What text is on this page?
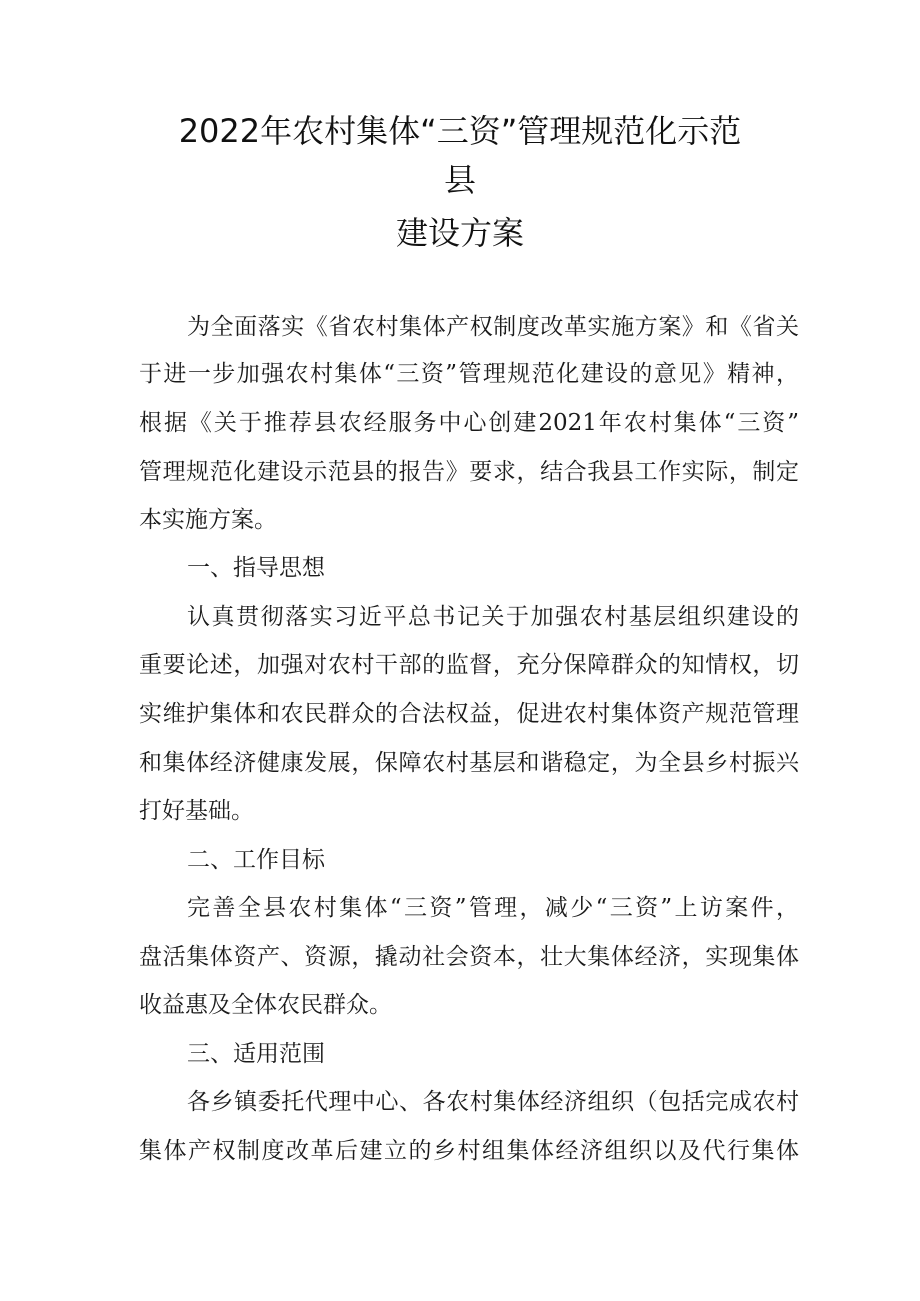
2022年农村集体“三资”管理规范化示范
县
建设方案
为全面落实《省农村集体产权制度改革实施方案》和《省关
于进一步加强农村集体“三资”管理规范化建设的意见》精神，
根据《关于推荐县农经服务中心创建2021年农村集体“三资”
管理规范化建设示范县的报告》要求，结合我县工作实际，制定
本实施方案。
一、指导思想
认真贯彻落实习近平总书记关于加强农村基层组织建设的
重要论述，加强对农村干部的监督，充分保障群众的知情权，切
实维护集体和农民群众的合法权益，促进农村集体资产规范管理
和集体经济健康发展，保障农村基层和谐稳定，为全县乡村振兴
打好基础。
二、工作目标
完善全县农村集体“三资”管理，减少“三资”上访案件，
盘活集体资产、资源，撬动社会资本，壮大集体经济，实现集体
收益惠及全体农民群众。
三、适用范围
各乡镇委托代理中心、各农村集体经济组织（包括完成农村
集体产权制度改革后建立的乡村组集体经济组织以及代行集体
